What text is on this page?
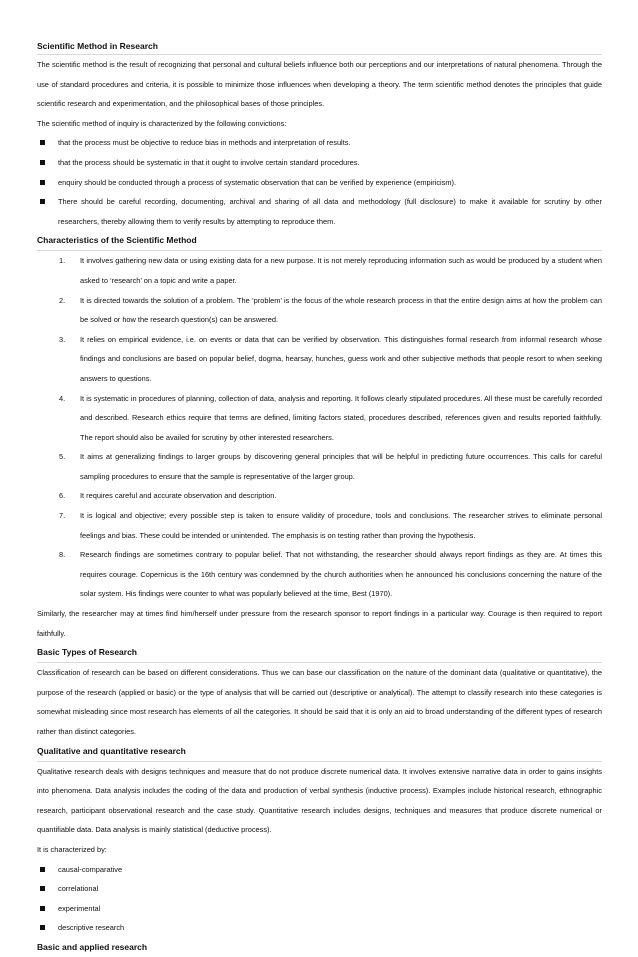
Scientific Method in Research

The scientific method is the result of recognizing that personal and cultural beliefs influence both our perceptions and our interpretations of natural phenomena. Through the use of standard procedures and criteria, it is possible to minimize those influences when developing a theory. The term scientific method denotes the principles that guide scientific research and experimentation, and the philosophical bases of those principles.

The scientific method of inquiry is characterized by the following convictions:

that the process must be objective to reduce bias in methods and interpretation of results.
that the process should be systematic in that it ought to involve certain standard procedures.
enquiry should be conducted through a process of systematic observation that can be verified by experience (empiricism).
There should be careful recording, documenting, archival and sharing of all data and methodology (full disclosure) to make it available for scrutiny by other researchers, thereby allowing them to verify results by attempting to reproduce them.
Characteristics of the Scientific Method
1. It involves gathering new data or using existing data for a new purpose. It is not merely reproducing information such as would be produced by a student when asked to ‘research’ on a topic and write a paper.
2. It is directed towards the solution of a problem. The ‘problem’ is the focus of the whole research process in that the entire design aims at how the problem can be solved or how the research question(s) can be answered.
3. It relies on empirical evidence, i.e. on events or data that can be verified by observation. This distinguishes formal research from informal research whose findings and conclusions are based on popular belief, dogma, hearsay, hunches, guess work and other subjective methods that people resort to when seeking answers to questions.
4. It is systematic in procedures of planning, collection of data, analysis and reporting. It follows clearly stipulated procedures. All these must be carefully recorded and described. Research ethics require that terms are defined, limiting factors stated, procedures described, references given and results reported faithfully. The report should also be availed for scrutiny by other interested researchers.
5. It aims at generalizing findings to larger groups by discovering general principles that will be helpful in predicting future occurrences. This calls for careful sampling procedures to ensure that the sample is representative of the larger group.
6. It requires careful and accurate observation and description.
7. It is logical and objective; every possible step is taken to ensure validity of procedure, tools and conclusions. The researcher strives to eliminate personal feelings and bias. These could be intended or unintended. The emphasis is on testing rather than proving the hypothesis.
8. Research findings are sometimes contrary to popular belief. That not withstanding, the researcher should always report findings as they are. At times this requires courage. Copernicus is the 16th century was condemned by the church authorities when he announced his conclusions concerning the nature of the solar system. His findings were counter to what was popularly believed at the time, Best (1970).

Similarly, the researcher may at times find him/herself under pressure from the research sponsor to report findings in a particular way. Courage is then required to report faithfully.

Basic Types of Research

Classification of research can be based on different considerations. Thus we can base our classification on the nature of the dominant data (qualitative or quantitative), the purpose of the research (applied or basic) or the type of analysis that will be carried out (descriptive or analytical). The attempt to classify research into these categories is somewhat misleading since most research has elements of all the categories. It should be said that it is only an aid to broad understanding of the different types of research rather than distinct categories.

Qualitative and quantitative research

Qualitative research deals with designs techniques and measure that do not produce discrete numerical data. It involves extensive narrative data in order to gains insights into phenomena. Data analysis includes the coding of the data and production of verbal synthesis (inductive process). Examples include historical research, ethnographic research, participant observational research and the case study. Quantitative research includes designs, techniques and measures that produce discrete numerical or quantifiable data. Data analysis is mainly statistical (deductive process).

It is characterized by:

causal-comparative
correlational
experimental
descriptive research
Basic and applied research
